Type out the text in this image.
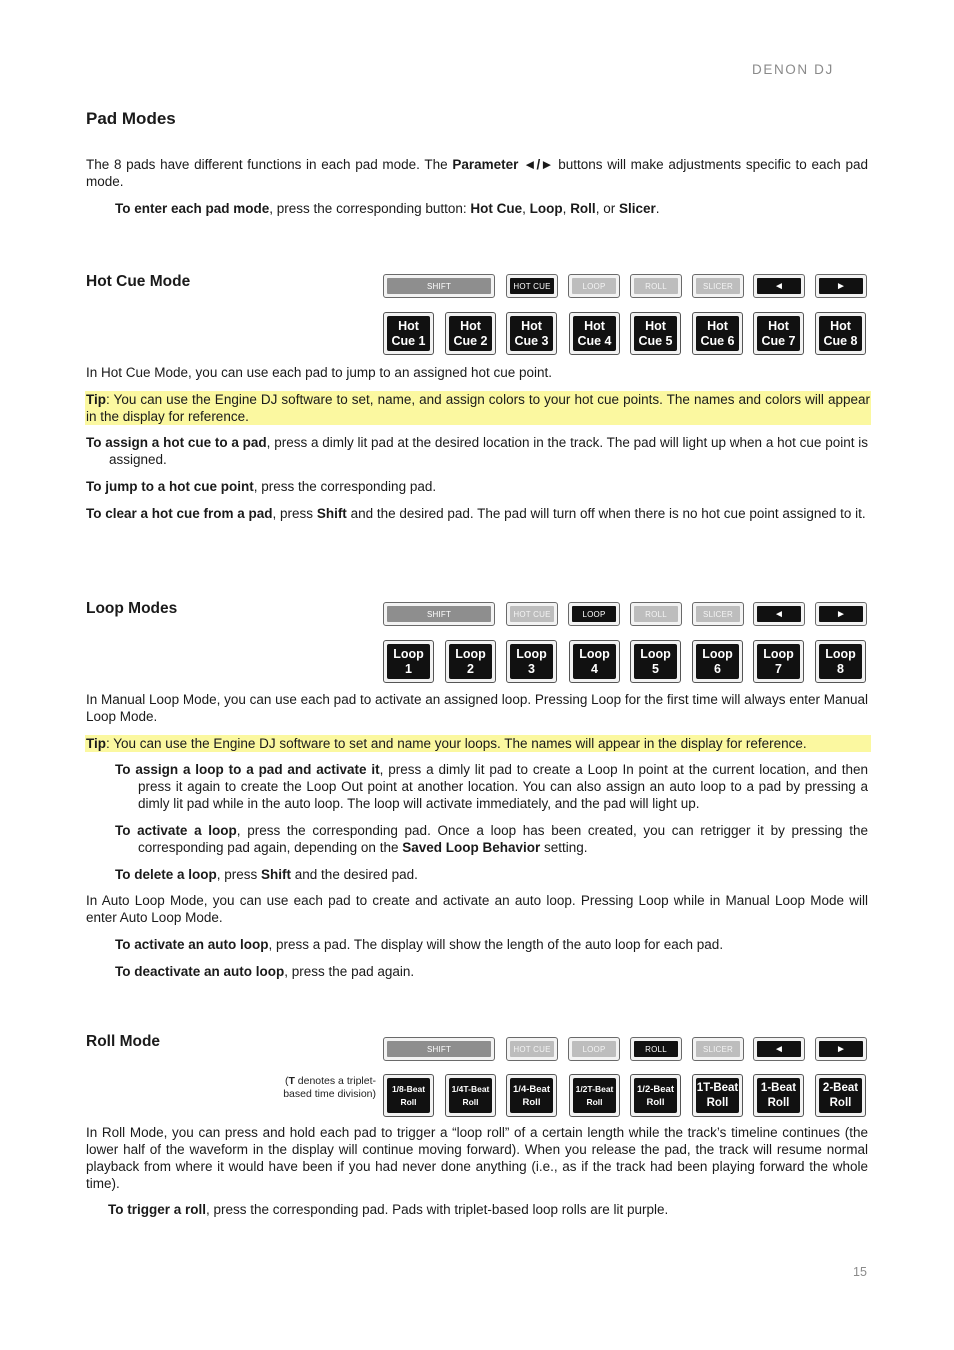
DENON DJ
Pad Modes

The 8 pads have different functions in each pad mode. The Parameter ◄/► buttons will make adjustments specific to each pad mode.

To enter each pad mode, press the corresponding button: Hot Cue, Loop, Roll, or Slicer.

Hot Cue Mode	SHIFT	HOT CUE	LOOP	ROLL	SLICER	◄	►
Hot
Cue 1
Hot
Cue 2
Hot
Cue 3
Hot
Cue 4
Hot
Cue 5
Hot
Cue 6
Hot
Cue 7
Hot
Cue 8

In Hot Cue Mode, you can use each pad to jump to an assigned hot cue point.

Tip: You can use the Engine DJ software to set, name, and assign colors to your hot cue points. The names and colors will appear in the display for reference.

To assign a hot cue to a pad, press a dimly lit pad at the desired location in the track. The pad will light up when a hot cue point is assigned.

To jump to a hot cue point, press the corresponding pad.

To clear a hot cue from a pad, press Shift and the desired pad. The pad will turn off when there is no hot cue point assigned to it.

Loop Modes	SHIFT	HOT CUE	LOOP	ROLL	SLICER	◄	►
Loop
1
Loop
2
Loop
3
Loop
4
Loop
5
Loop
6
Loop
7
Loop
8

In Manual Loop Mode, you can use each pad to activate an assigned loop. Pressing Loop for the first time will always enter Manual Loop Mode.

Tip: You can use the Engine DJ software to set and name your loops. The names will appear in the display for reference.

To assign a loop to a pad and activate it, press a dimly lit pad to create a Loop In point at the current location, and then press it again to create the Loop Out point at another location. You can also assign an auto loop to a pad by pressing a dimly lit pad while in the auto loop. The loop will activate immediately, and the pad will light up.

To activate a loop, press the corresponding pad. Once a loop has been created, you can retrigger it by pressing the corresponding pad again, depending on the Saved Loop Behavior setting.

To delete a loop, press Shift and the desired pad.

In Auto Loop Mode, you can use each pad to create and activate an auto loop. Pressing Loop while in Manual Loop Mode will enter Auto Loop Mode.

To activate an auto loop, press a pad. The display will show the length of the auto loop for each pad.

To deactivate an auto loop, press the pad again.

Roll Mode	SHIFT	HOT CUE	LOOP	ROLL	SLICER	◄	►
(T denotes a triplet-based time division)	1/8-Beat
Roll
1/4T-Beat
Roll
1/4-Beat
Roll
1/2T-Beat
Roll
1/2-Beat
Roll
1T-Beat
Roll
1-Beat
Roll
2-Beat
Roll

In Roll Mode, you can press and hold each pad to trigger a “loop roll” of a certain length while the track’s timeline continues (the lower half of the waveform in the display will continue moving forward). When you release the pad, the track will resume normal playback from where it would have been if you had never done anything (i.e., as if the track had been playing forward the whole time).

To trigger a roll, press the corresponding pad. Pads with triplet-based loop rolls are lit purple.

15
